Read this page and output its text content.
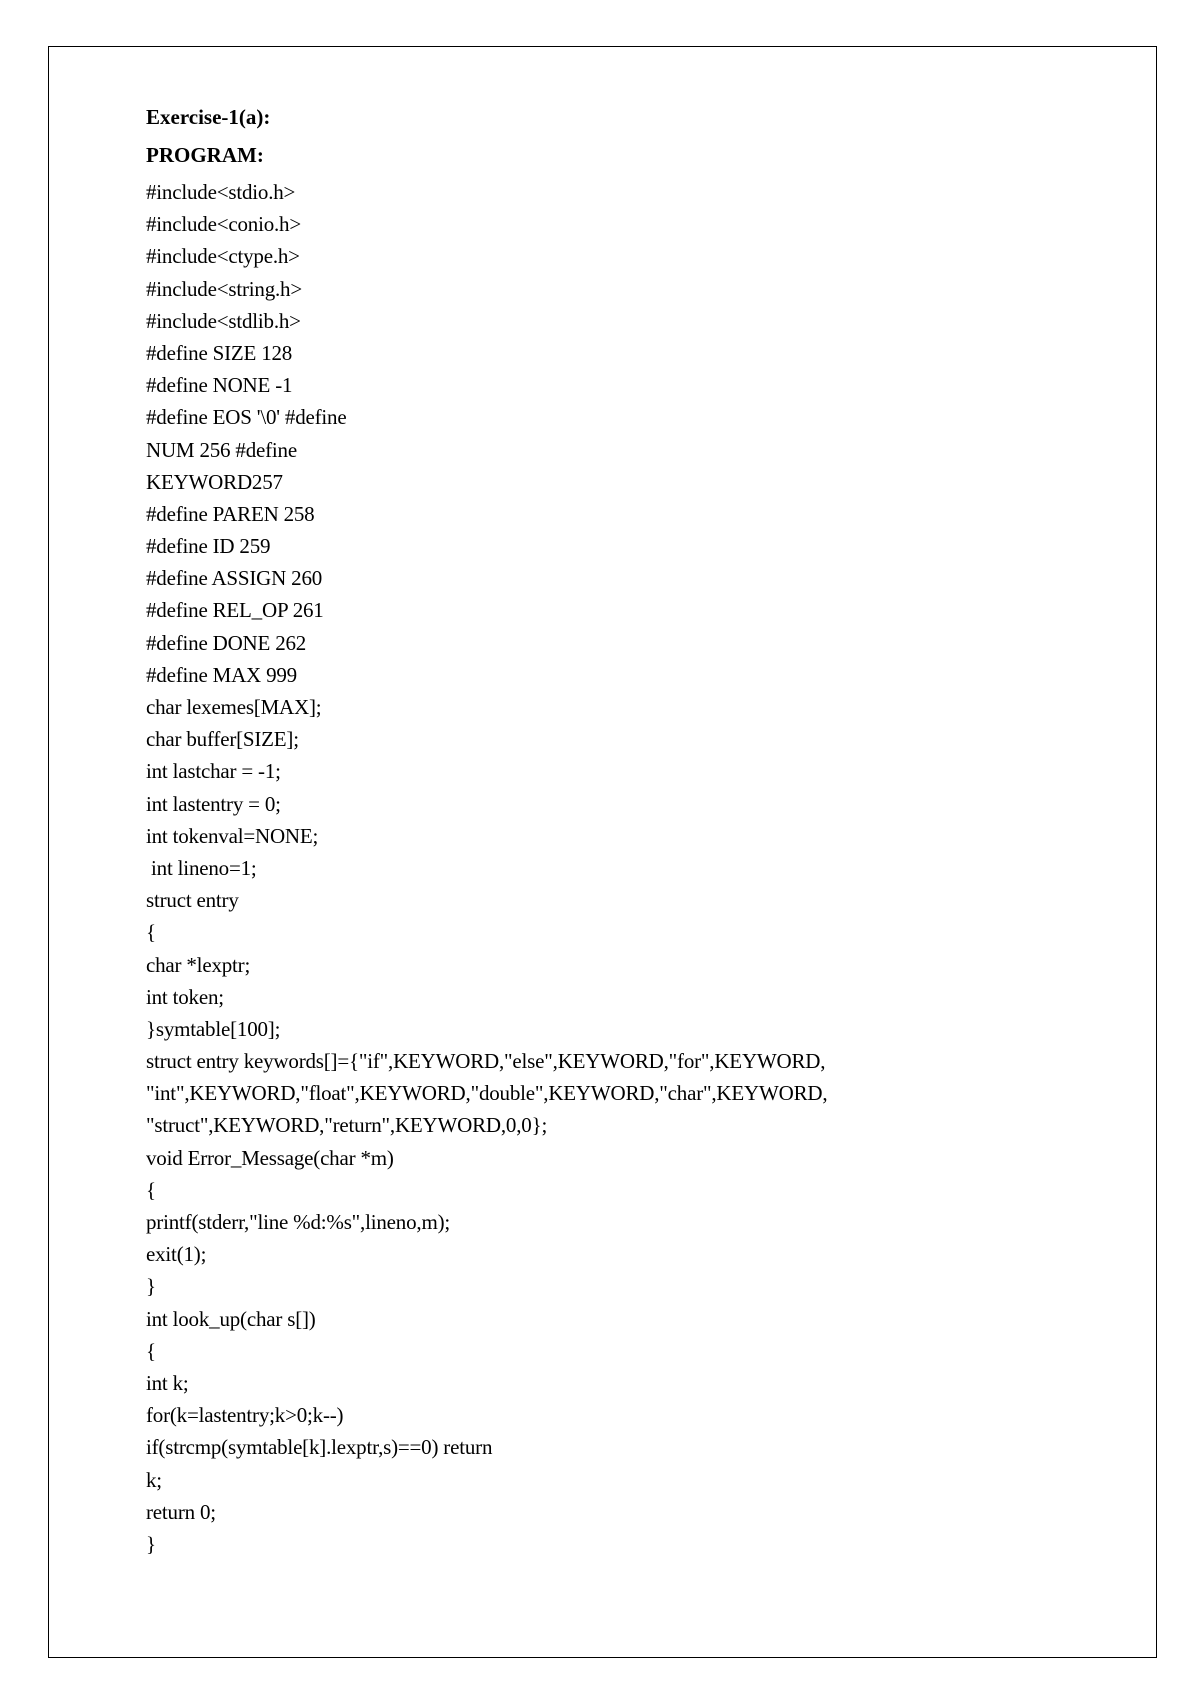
Exercise-1(a):
PROGRAM:
#include<stdio.h>
#include<conio.h>
#include<ctype.h>
#include<string.h>
#include<stdlib.h>
#define SIZE 128
#define NONE -1
#define EOS '\0' #define
NUM 256 #define
KEYWORD257
#define PAREN 258
#define ID 259
#define ASSIGN 260
#define REL_OP 261
#define DONE 262
#define MAX 999
char lexemes[MAX];
char buffer[SIZE];
int lastchar = -1;
int lastentry = 0;
int tokenval=NONE;
int lineno=1;
struct entry
{
char *lexptr;
int token;
}symtable[100];
struct entry keywords[]={"if",KEYWORD,"else",KEYWORD,"for",KEYWORD,
"int",KEYWORD,"float",KEYWORD,"double",KEYWORD,"char",KEYWORD,
"struct",KEYWORD,"return",KEYWORD,0,0};
void Error_Message(char *m)
{
printf(stderr,"line %d:%s",lineno,m);
exit(1);
}
int look_up(char s[])
{
int k;
for(k=lastentry;k>0;k--)
if(strcmp(symtable[k].lexptr,s)==0) return
k;
return 0;
}
